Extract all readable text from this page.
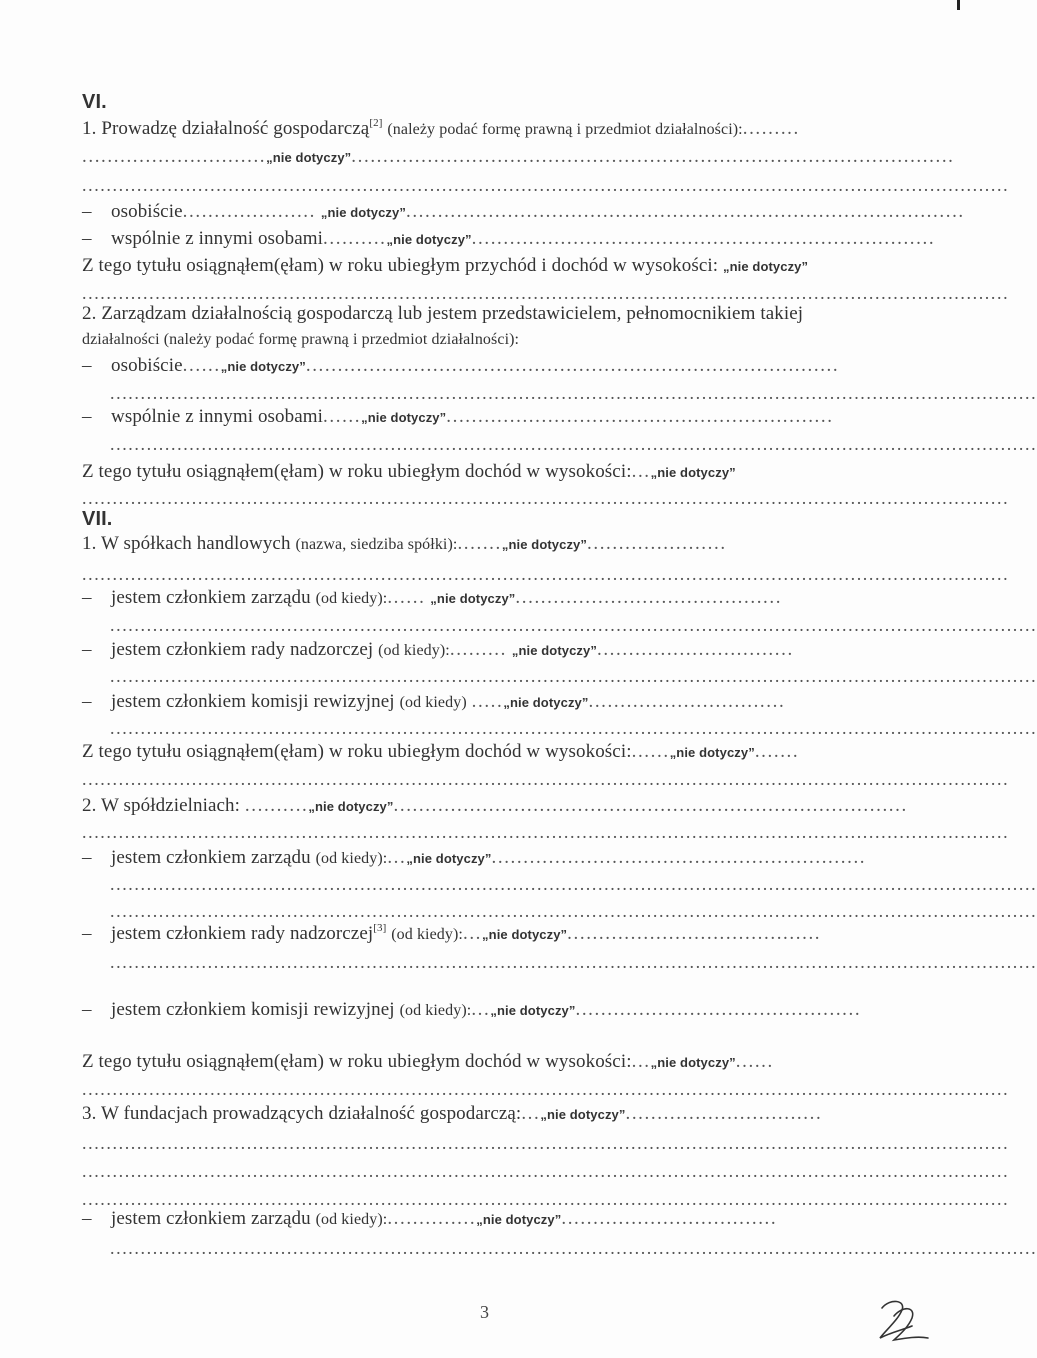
VI.
1. Prowadzę działalność gospodarczą[2] (należy podać formę prawną i przedmiot działalności):.........
.............................„nie dotyczy”...............................................................................................
........................................................................................................................................................
– osobiście..................... „nie dotyczy”........................................................................................
– wspólnie z innymi osobami..........„nie dotyczy”.........................................................................
Z tego tytułu osiągnąłem(ęłam) w roku ubiegłym przychód i dochód w wysokości: „nie dotyczy”
........................................................................................................................................................
2. Zarządzam działalnością gospodarczą lub jestem przedstawicielem, pełnomocnikiem takiej
działalności (należy podać formę prawną i przedmiot działalności):
– osobiście......„nie dotyczy”....................................................................................
........................................................................................................................................................
– wspólnie z innymi osobami......„nie dotyczy”.............................................................
........................................................................................................................................................
Z tego tytułu osiągnąłem(ęłam) w roku ubiegłym dochód w wysokości:...„nie dotyczy”
........................................................................................................................................................
VII.
1. W spółkach handlowych (nazwa, siedziba spółki):.......„nie dotyczy”......................
........................................................................................................................................................
– jestem członkiem zarządu (od kiedy):...... „nie dotyczy”..........................................
........................................................................................................................................................
– jestem członkiem rady nadzorczej (od kiedy):......... „nie dotyczy”...............................
........................................................................................................................................................
– jestem członkiem komisji rewizyjnej (od kiedy) .....„nie dotyczy”...............................
........................................................................................................................................................
Z tego tytułu osiągnąłem(ęłam) w roku ubiegłym dochód w wysokości:......„nie dotyczy”.......
........................................................................................................................................................
2. W spółdzielniach: ..........„nie dotyczy”.................................................................................
........................................................................................................................................................
– jestem członkiem zarządu (od kiedy):...„nie dotyczy”...........................................................
........................................................................................................................................................
........................................................................................................................................................
– jestem członkiem rady nadzorczej[3] (od kiedy):...„nie dotyczy”........................................
........................................................................................................................................................
– jestem członkiem komisji rewizyjnej (od kiedy):...„nie dotyczy”.............................................
Z tego tytułu osiągnąłem(ęłam) w roku ubiegłym dochód w wysokości:...„nie dotyczy”......
........................................................................................................................................................
3. W fundacjach prowadzących działalność gospodarczą:...„nie dotyczy”...............................
........................................................................................................................................................
........................................................................................................................................................
........................................................................................................................................................
– jestem członkiem zarządu (od kiedy):..............„nie dotyczy”..................................
........................................................................................................................................................
3
